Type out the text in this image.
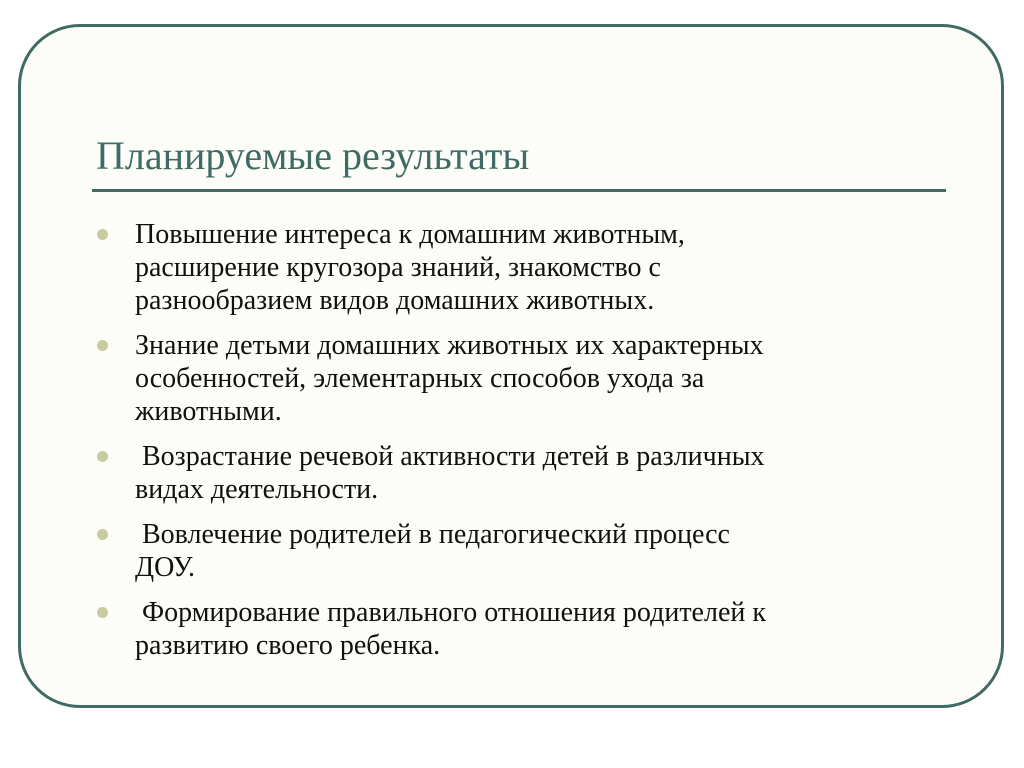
Планируемые результаты
Повышение интереса к домашним животным,
расширение кругозора знаний, знакомство с
разнообразием видов домашних животных.
Знание детьми домашних животных их характерных
особенностей, элементарных способов ухода за
животными.
Возрастание речевой активности детей в различных
видах деятельности.
Вовлечение родителей в педагогический процесс
ДОУ.
Формирование правильного отношения родителей к
развитию своего ребенка.
